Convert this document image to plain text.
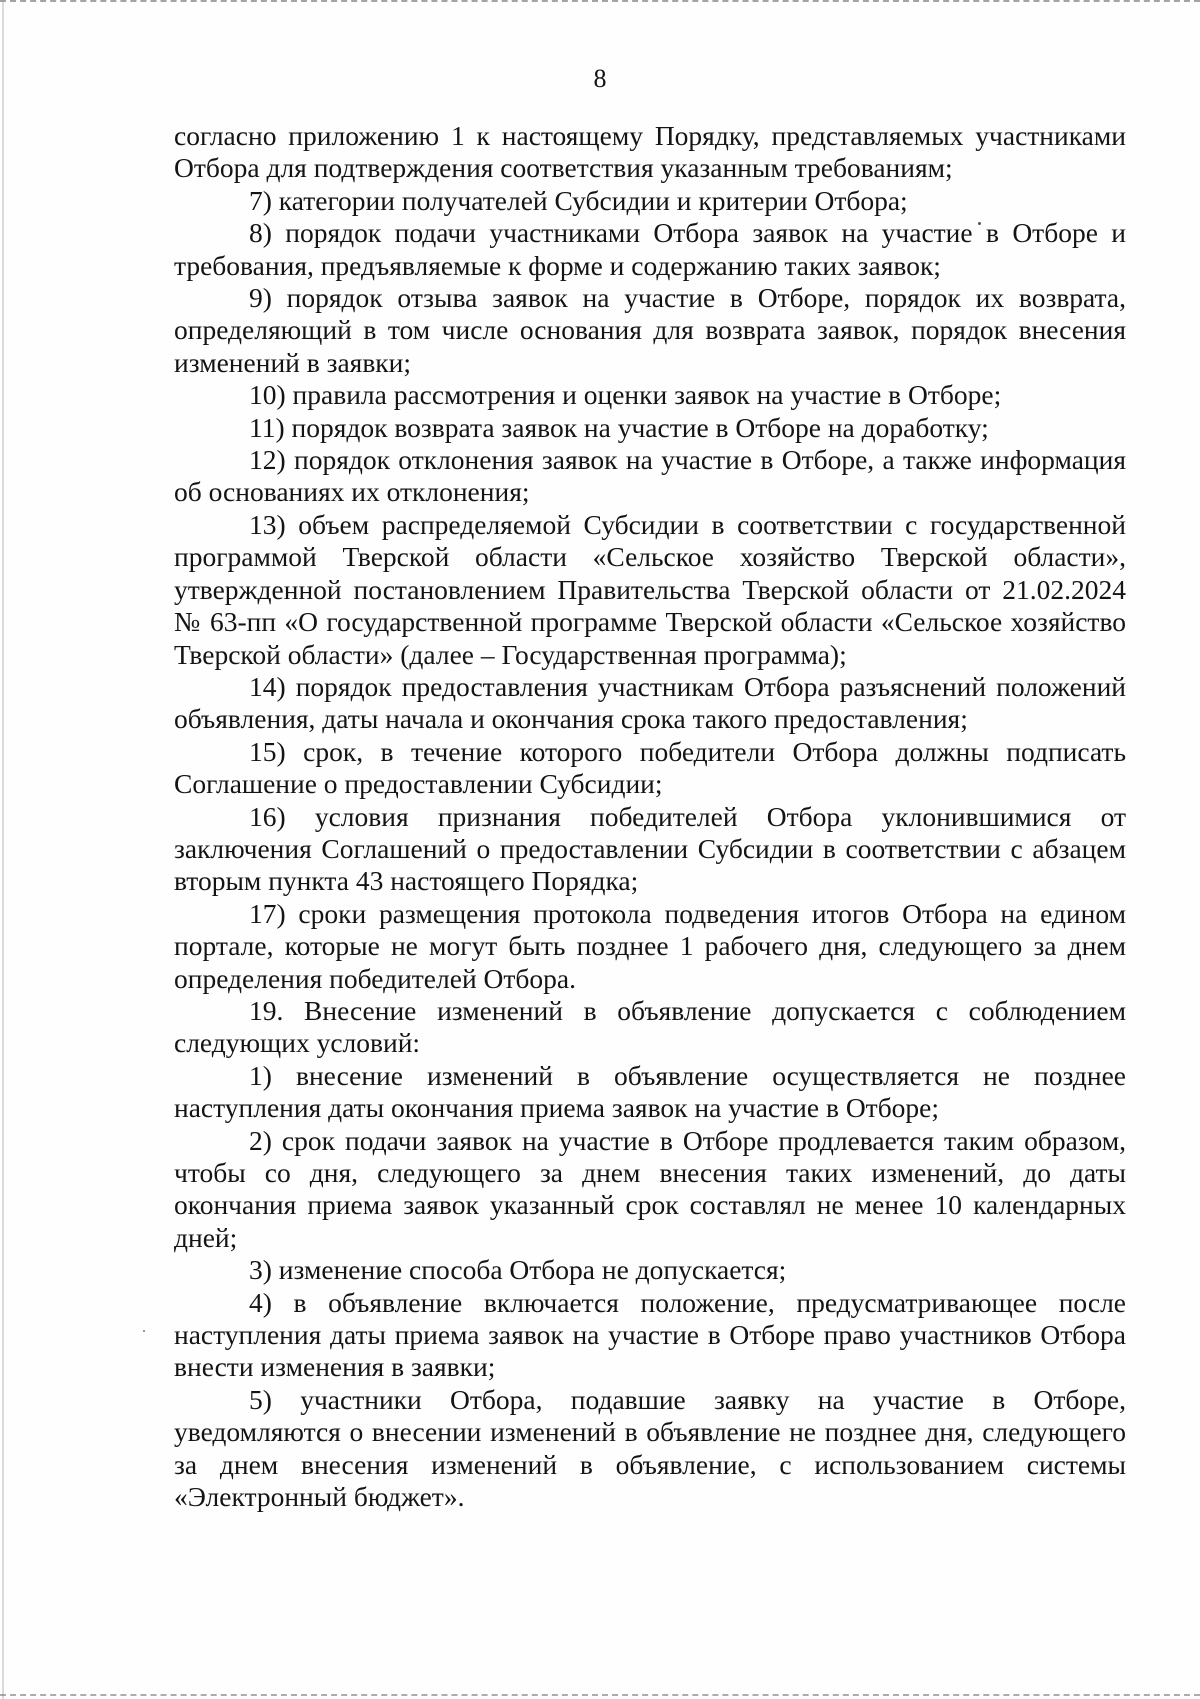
8

согласно приложению 1 к настоящему Порядку, представляемых участниками Отбора для подтверждения соответствия указанным требованиям;

7) категории получателей Субсидии и критерии Отбора;

8) порядок подачи участниками Отбора заявок на участие в Отборе и требования, предъявляемые к форме и содержанию таких заявок;

9) порядок отзыва заявок на участие в Отборе, порядок их возврата, определяющий в том числе основания для возврата заявок, порядок внесения изменений в заявки;

10) правила рассмотрения и оценки заявок на участие в Отборе;

11) порядок возврата заявок на участие в Отборе на доработку;

12) порядок отклонения заявок на участие в Отборе, а также информация об основаниях их отклонения;

13) объем распределяемой Субсидии в соответствии с государственной программой Тверской области «Сельское хозяйство Тверской области», утвержденной постановлением Правительства Тверской области от 21.02.2024 № 63-пп «О государственной программе Тверской области «Сельское хозяйство Тверской области» (далее – Государственная программа);

14) порядок предоставления участникам Отбора разъяснений положений объявления, даты начала и окончания срока такого предоставления;

15) срок, в течение которого победители Отбора должны подписать Соглашение о предоставлении Субсидии;

16) условия признания победителей Отбора уклонившимися от заключения Соглашений о предоставлении Субсидии в соответствии с абзацем вторым пункта 43 настоящего Порядка;

17) сроки размещения протокола подведения итогов Отбора на едином портале, которые не могут быть позднее 1 рабочего дня, следующего за днем определения победителей Отбора.

19. Внесение изменений в объявление допускается с соблюдением следующих условий:

1) внесение изменений в объявление осуществляется не позднее наступления даты окончания приема заявок на участие в Отборе;

2) срок подачи заявок на участие в Отборе продлевается таким образом, чтобы со дня, следующего за днем внесения таких изменений, до даты окончания приема заявок указанный срок составлял не менее 10 календарных дней;

3) изменение способа Отбора не допускается;

4) в объявление включается положение, предусматривающее после наступления даты приема заявок на участие в Отборе право участников Отбора внести изменения в заявки;

5) участники Отбора, подавшие заявку на участие в Отборе, уведомляются о внесении изменений в объявление не позднее дня, следующего за днем внесения изменений в объявление, с использованием системы «Электронный бюджет».
